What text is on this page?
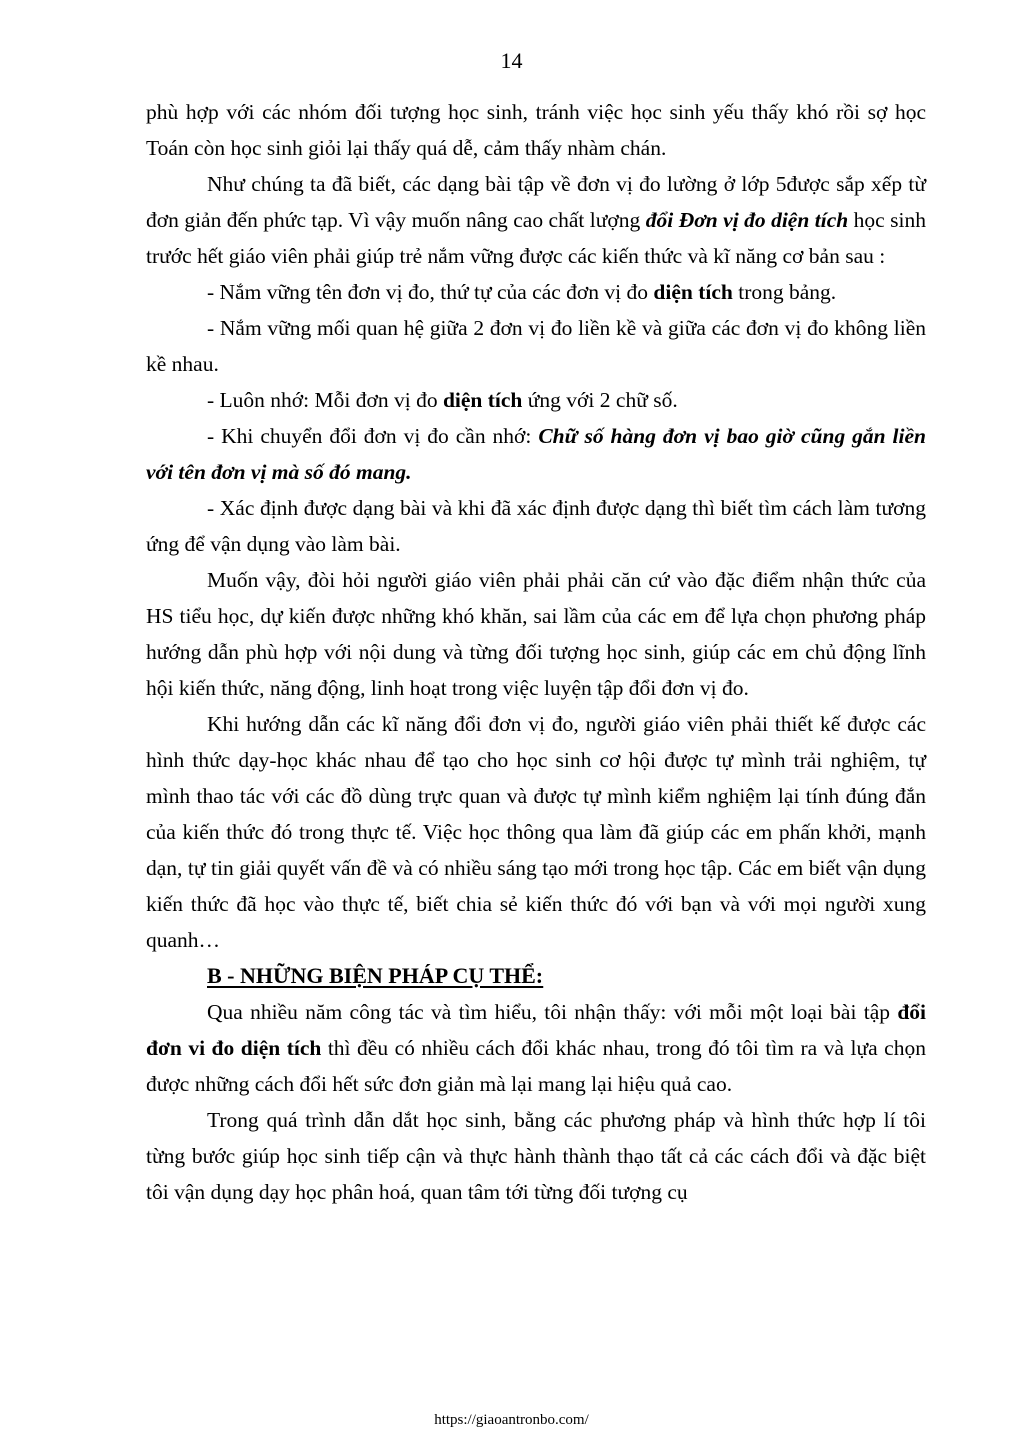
14

phù hợp với các nhóm đối tượng học sinh, tránh việc học sinh yếu thấy khó rồi sợ học Toán còn học sinh giỏi lại thấy quá dễ, cảm thấy nhàm chán.

Như chúng ta đã biết, các dạng bài tập về đơn vị đo lường ở lớp 5được sắp xếp từ đơn giản đến phức tạp. Vì vậy muốn nâng cao chất lượng đổi Đơn vị đo diện tích học sinh trước hết giáo viên phải giúp trẻ nắm vững được các kiến thức và kĩ năng cơ bản sau :

- Nắm vững tên đơn vị đo, thứ tự của các đơn vị đo diện tích trong bảng.

- Nắm vững mối quan hệ giữa 2 đơn vị đo liền kề và giữa các đơn vị đo không liền kề nhau.

- Luôn nhớ: Mỗi đơn vị đo diện tích ứng với 2 chữ số.

- Khi chuyển đổi đơn vị đo cần nhớ: Chữ số hàng đơn vị bao giờ cũng gắn liền với tên đơn vị mà số đó mang.

- Xác định được dạng bài và khi đã xác định được dạng thì biết tìm cách làm tương ứng để vận dụng vào làm bài.

Muốn vậy, đòi hỏi người giáo viên phải phải căn cứ vào đặc điểm nhận thức của HS tiểu học, dự kiến được những khó khăn, sai lầm của các em để lựa chọn phương pháp hướng dẫn phù hợp với nội dung và từng đối tượng học sinh, giúp các em chủ động lĩnh hội kiến thức, năng động, linh hoạt trong việc luyện tập đổi đơn vị đo.

Khi hướng dẫn các kĩ năng đổi đơn vị đo, người giáo viên phải thiết kế được các hình thức dạy-học khác nhau để tạo cho học sinh cơ hội được tự mình trải nghiệm, tự mình thao tác với các đồ dùng trực quan và được tự mình kiểm nghiệm lại tính đúng đắn của kiến thức đó trong thực tế. Việc học thông qua làm đã giúp các em phấn khởi, mạnh dạn, tự tin giải quyết vấn đề và có nhiều sáng tạo mới trong học tập. Các em biết vận dụng kiến thức đã học vào thực tế, biết chia sẻ kiến thức đó với bạn và với mọi người xung quanh…

B - NHỮNG BIỆN PHÁP CỤ THỂ:

Qua nhiều năm công tác và tìm hiểu, tôi nhận thấy: với mỗi một loại bài tập đổi đơn vi đo diện tích thì đều có nhiều cách đổi khác nhau, trong đó tôi tìm ra và lựa chọn được những cách đổi hết sức đơn giản mà lại mang lại hiệu quả cao.

Trong quá trình dẫn dắt học sinh, bằng các phương pháp và hình thức hợp lí tôi từng bước giúp học sinh tiếp cận và thực hành thành thạo tất cả các cách đổi và đặc biệt tôi vận dụng dạy học phân hoá, quan tâm tới từng đối tượng cụ

https://giaoantronbo.com/
